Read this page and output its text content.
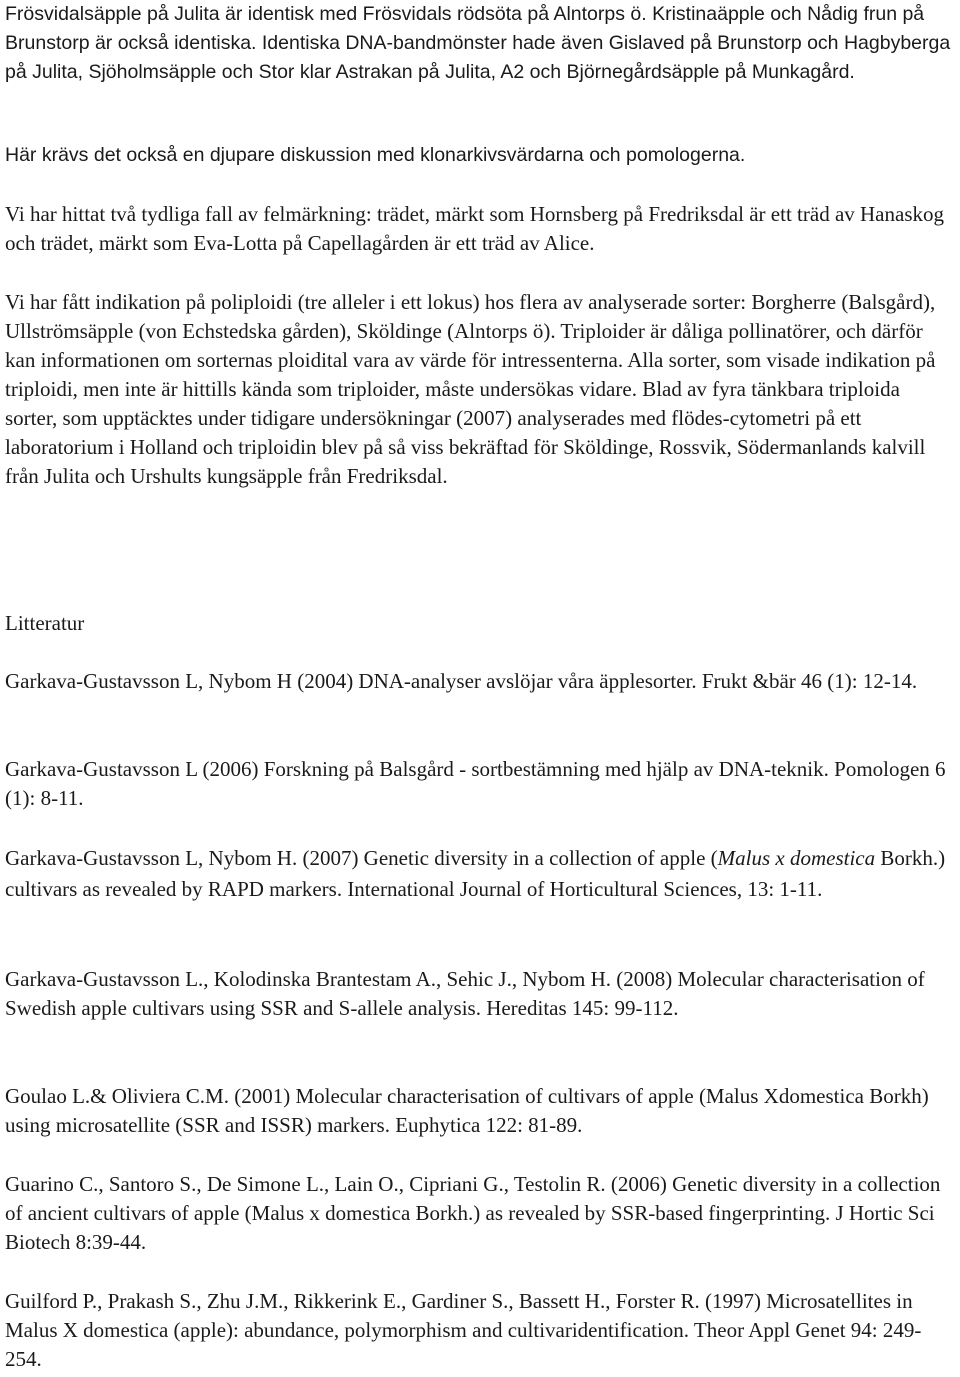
Frösvidalsäpple på Julita är identisk med Frösvidals rödsöta på Alntorps ö. Kristinaäpple och Nådig frun på Brunstorp är också identiska. Identiska DNA-bandmönster hade även Gislaved på Brunstorp och Hagbyberga på Julita, Sjöholmsäpple och Stor klar Astrakan på Julita, A2 och Björnegårdsäpple på Munkagård.

Här krävs det också en djupare diskussion med klonarkivsvärdarna och pomologerna.

Vi har hittat två tydliga fall av felmärkning: trädet, märkt som Hornsberg på Fredriksdal är ett träd av Hanaskog och trädet, märkt som Eva-Lotta på Capellagården är ett träd av Alice.

Vi har fått indikation på poliploidi (tre alleler i ett lokus) hos flera av analyserade sorter: Borgherre (Balsgård), Ullströmsäpple (von Echstedska gården), Sköldinge (Alntorps ö). Triploider är dåliga pollinatörer, och därför kan informationen om sorternas ploidital vara av värde för intressenterna. Alla sorter, som visade indikation på triploidi, men inte är hittills kända som triploider, måste undersökas vidare. Blad av fyra tänkbara triploida sorter, som upptäcktes under tidigare undersökningar (2007) analyserades med flödes-cytometri på ett laboratorium i Holland och triploidin blev på så viss bekräftad för Sköldinge, Rossvik, Södermanlands kalvill från Julita och Urshults kungsäpple från Fredriksdal.

Litteratur

Garkava-Gustavsson L, Nybom H (2004) DNA-analyser avslöjar våra äpplesorter. Frukt &bär 46 (1): 12-14.

Garkava-Gustavsson L (2006) Forskning på Balsgård - sortbestämning med hjälp av DNA-teknik. Pomologen 6 (1): 8-11.

Garkava-Gustavsson L, Nybom H. (2007) Genetic diversity in a collection of apple (Malus x domestica Borkh.) cultivars as revealed by RAPD markers. International Journal of Horticultural Sciences, 13: 1-11.

Garkava-Gustavsson L., Kolodinska Brantestam A., Sehic J., Nybom H. (2008) Molecular characterisation of Swedish apple cultivars using SSR and S-allele analysis. Hereditas 145: 99-112.

Goulao L.& Oliviera C.M. (2001) Molecular characterisation of cultivars of apple (Malus Xdomestica Borkh) using microsatellite (SSR and ISSR) markers. Euphytica 122: 81-89.

Guarino C., Santoro S., De Simone L., Lain O., Cipriani G., Testolin R. (2006) Genetic diversity in a collection of ancient cultivars of apple (Malus x domestica Borkh.) as revealed by SSR-based fingerprinting. J Hortic Sci Biotech 8:39-44.

Guilford P., Prakash S., Zhu J.M., Rikkerink E., Gardiner S., Bassett H., Forster R. (1997) Microsatellites in Malus X domestica (apple): abundance, polymorphism and cultivaridentification. Theor Appl Genet 94: 249-254.
